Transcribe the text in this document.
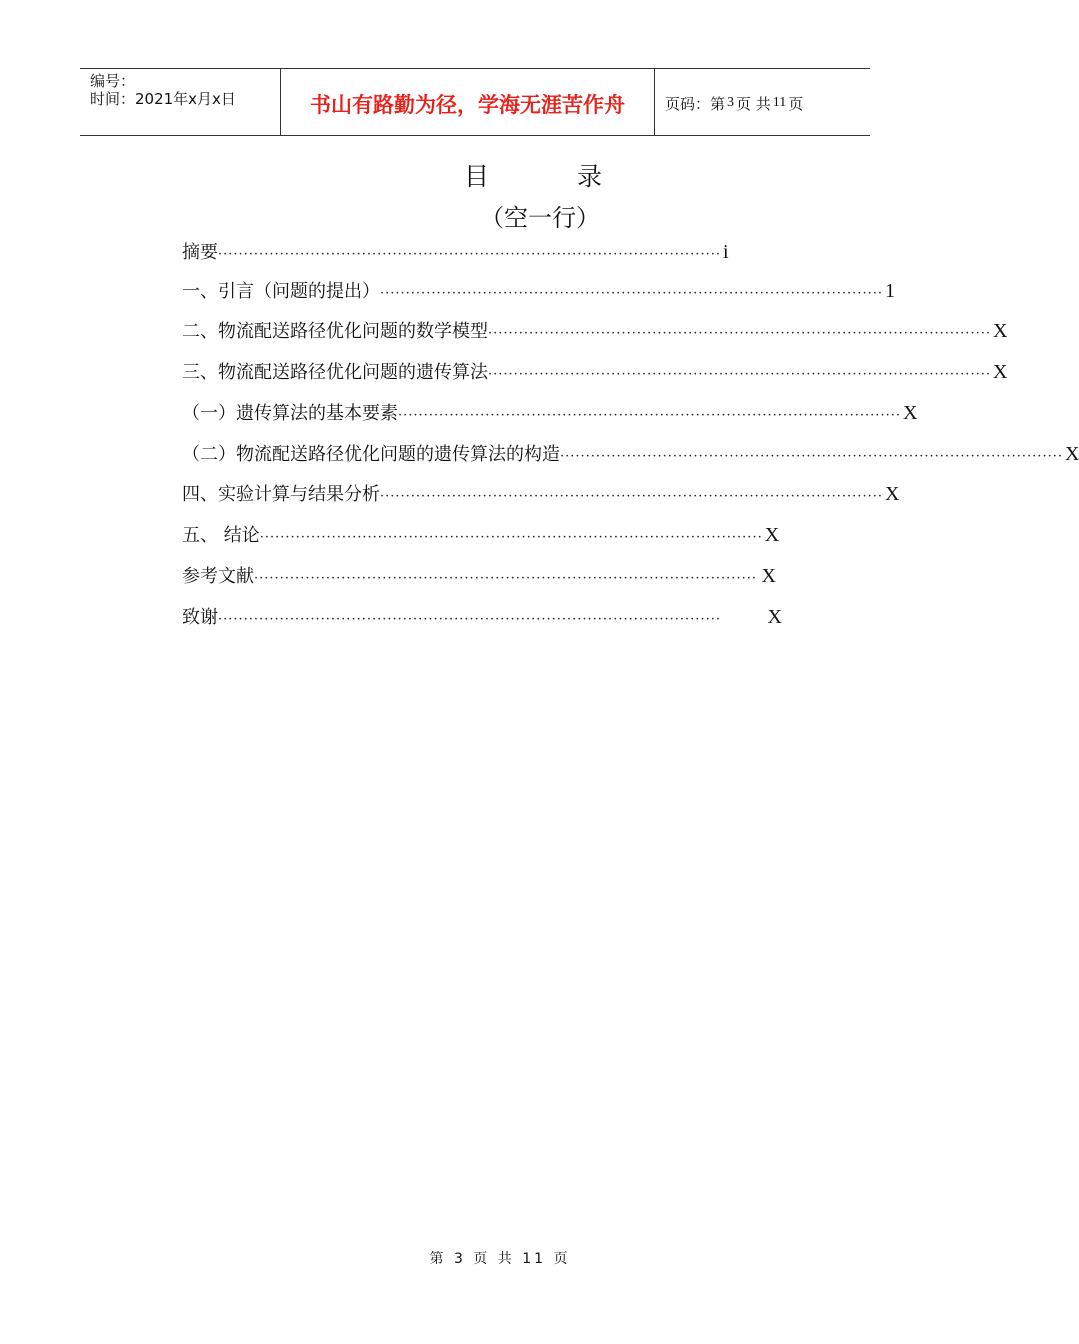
编号：
时间：2021年x月x日	书山有路勤为径，学海无涯苦作舟	页码：第 3 页 共 11 页
目	录
（空一行）
摘要 ·································································································· i
一、引言（问题的提出） ·································································································· 1
二、物流配送路径优化问题的数学模型 ·································································································· X
三、物流配送路径优化问题的遗传算法 ·································································································· X
（一）遗传算法的基本要素 ·································································································· X
（二）物流配送路径优化问题的遗传算法的构造 ·································································································· X
四、实验计算与结果分析 ·································································································· X
五、 结论 ·································································································· X
参考文献 ·································································································· X
致谢 ··································································································	X
第 3 页 共 11 页
